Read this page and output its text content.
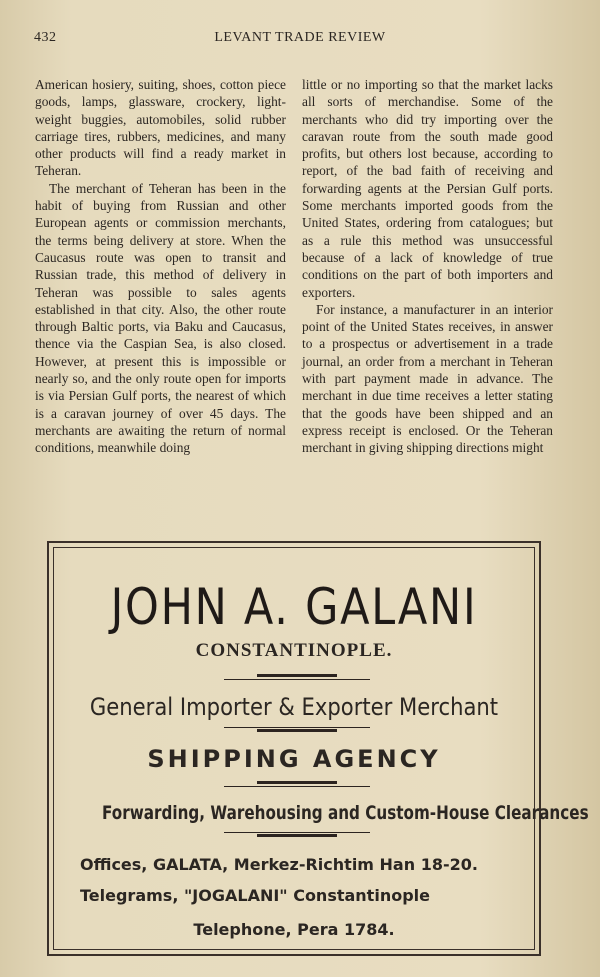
432	LEVANT TRADE REVIEW

American hosiery, suiting, shoes, cotton piece goods, lamps, glassware, crockery, light-weight buggies, automobiles, solid rubber carriage tires, rubbers, medicines, and many other products will find a ready market in Teheran.

The merchant of Teheran has been in the habit of buying from Russian and other European agents or commission merchants, the terms being delivery at store. When the Caucasus route was open to transit and Russian trade, this method of delivery in Teheran was possible to sales agents established in that city. Also, the other route through Baltic ports, via Baku and Caucasus, thence via the Caspian Sea, is also closed. However, at present this is impossible or nearly so, and the only route open for imports is via Persian Gulf ports, the nearest of which is a caravan journey of over 45 days. The merchants are awaiting the return of normal conditions, meanwhile doing

little or no importing so that the market lacks all sorts of merchandise. Some of the merchants who did try importing over the caravan route from the south made good profits, but others lost because, according to report, of the bad faith of receiving and forwarding agents at the Persian Gulf ports. Some merchants imported goods from the United States, ordering from catalogues; but as a rule this method was unsuccessful because of a lack of knowledge of true conditions on the part of both importers and exporters.

For instance, a manufacturer in an interior point of the United States receives, in answer to a prospectus or advertisement in a trade journal, an order from a merchant in Teheran with part payment made in advance. The merchant in due time receives a letter stating that the goods have been shipped and an express receipt is enclosed. Or the Teheran merchant in giving shipping directions might

JOHN A. GALANI
CONSTANTINOPLE.
General Importer & Exporter Merchant
SHIPPING AGENCY
Forwarding, Warehousing and Custom-House Clearances
Offices, GALATA, Merkez-Richtim Han 18-20.
Telegrams, "JOGALANI" Constantinople
Telephone, Pera 1784.
